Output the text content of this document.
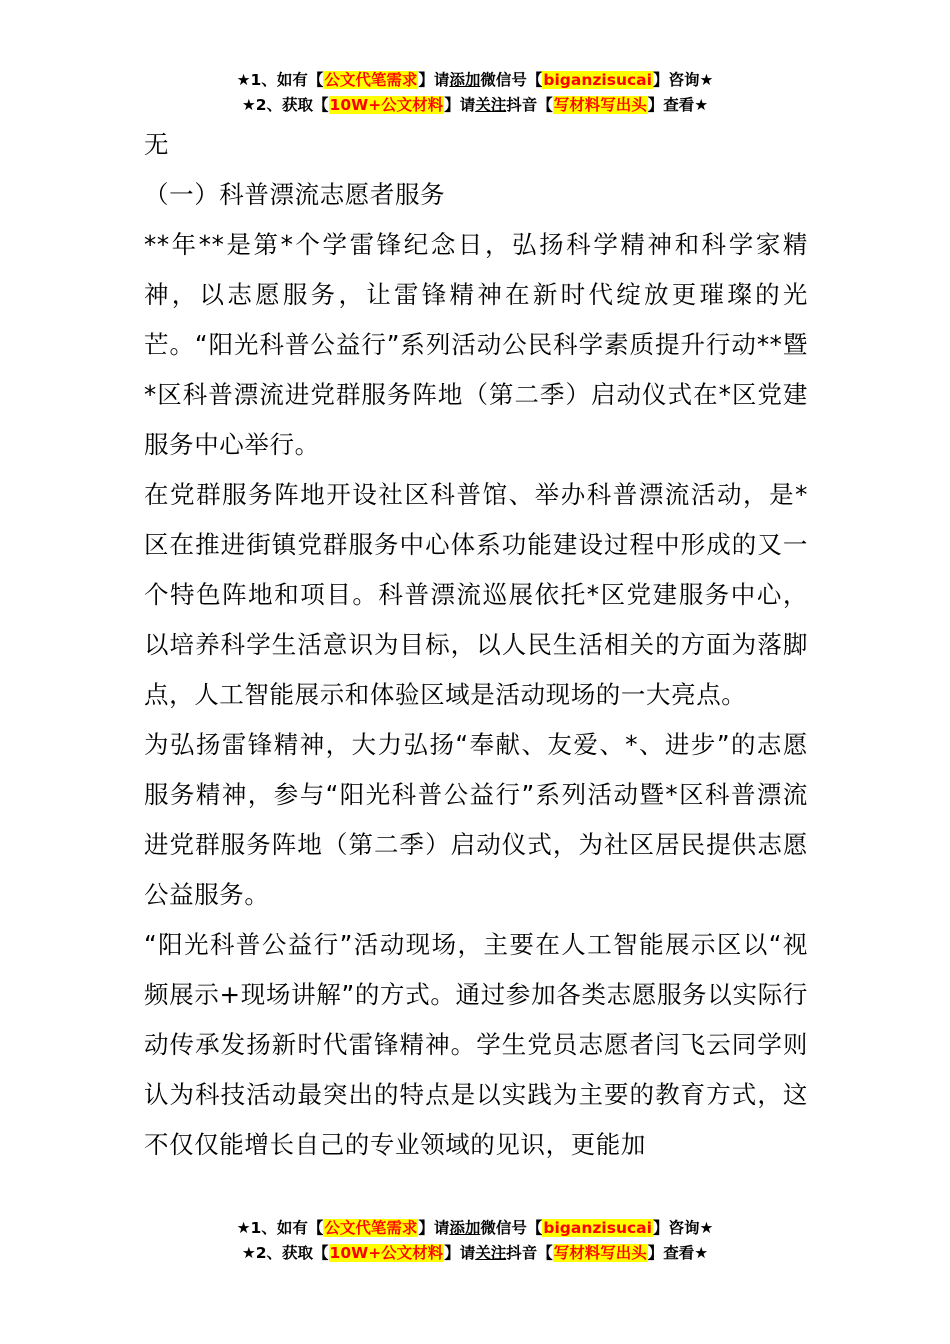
★1、如有【公文代笔需求】请添加微信号【biganzisucai】咨询★
★2、获取【10W+公文材料】请关注抖音【写材料写出头】查看★

无

（一）科普漂流志愿者服务

**年**是第*个学雷锋纪念日，弘扬科学精神和科学家精神，以志愿服务，让雷锋精神在新时代绽放更璀璨的光芒。“阳光科普公益行”系列活动公民科学素质提升行动**暨*区科普漂流进党群服务阵地（第二季）启动仪式在*区党建服务中心举行。

在党群服务阵地开设社区科普馆、举办科普漂流活动，是*区在推进街镇党群服务中心体系功能建设过程中形成的又一个特色阵地和项目。科普漂流巡展依托*区党建服务中心，以培养科学生活意识为目标，以人民生活相关的方面为落脚点，人工智能展示和体验区域是活动现场的一大亮点。

为弘扬雷锋精神，大力弘扬“奉献、友爱、*、进步”的志愿服务精神，参与“阳光科普公益行”系列活动暨*区科普漂流进党群服务阵地（第二季）启动仪式，为社区居民提供志愿公益服务。

“阳光科普公益行”活动现场，主要在人工智能展示区以“视频展示+现场讲解”的方式。通过参加各类志愿服务以实际行动传承发扬新时代雷锋精神。学生党员志愿者闫飞云同学则认为科技活动最突出的特点是以实践为主要的教育方式，这不仅仅能增长自己的专业领域的见识，更能加

★1、如有【公文代笔需求】请添加微信号【biganzisucai】咨询★
★2、获取【10W+公文材料】请关注抖音【写材料写出头】查看★
